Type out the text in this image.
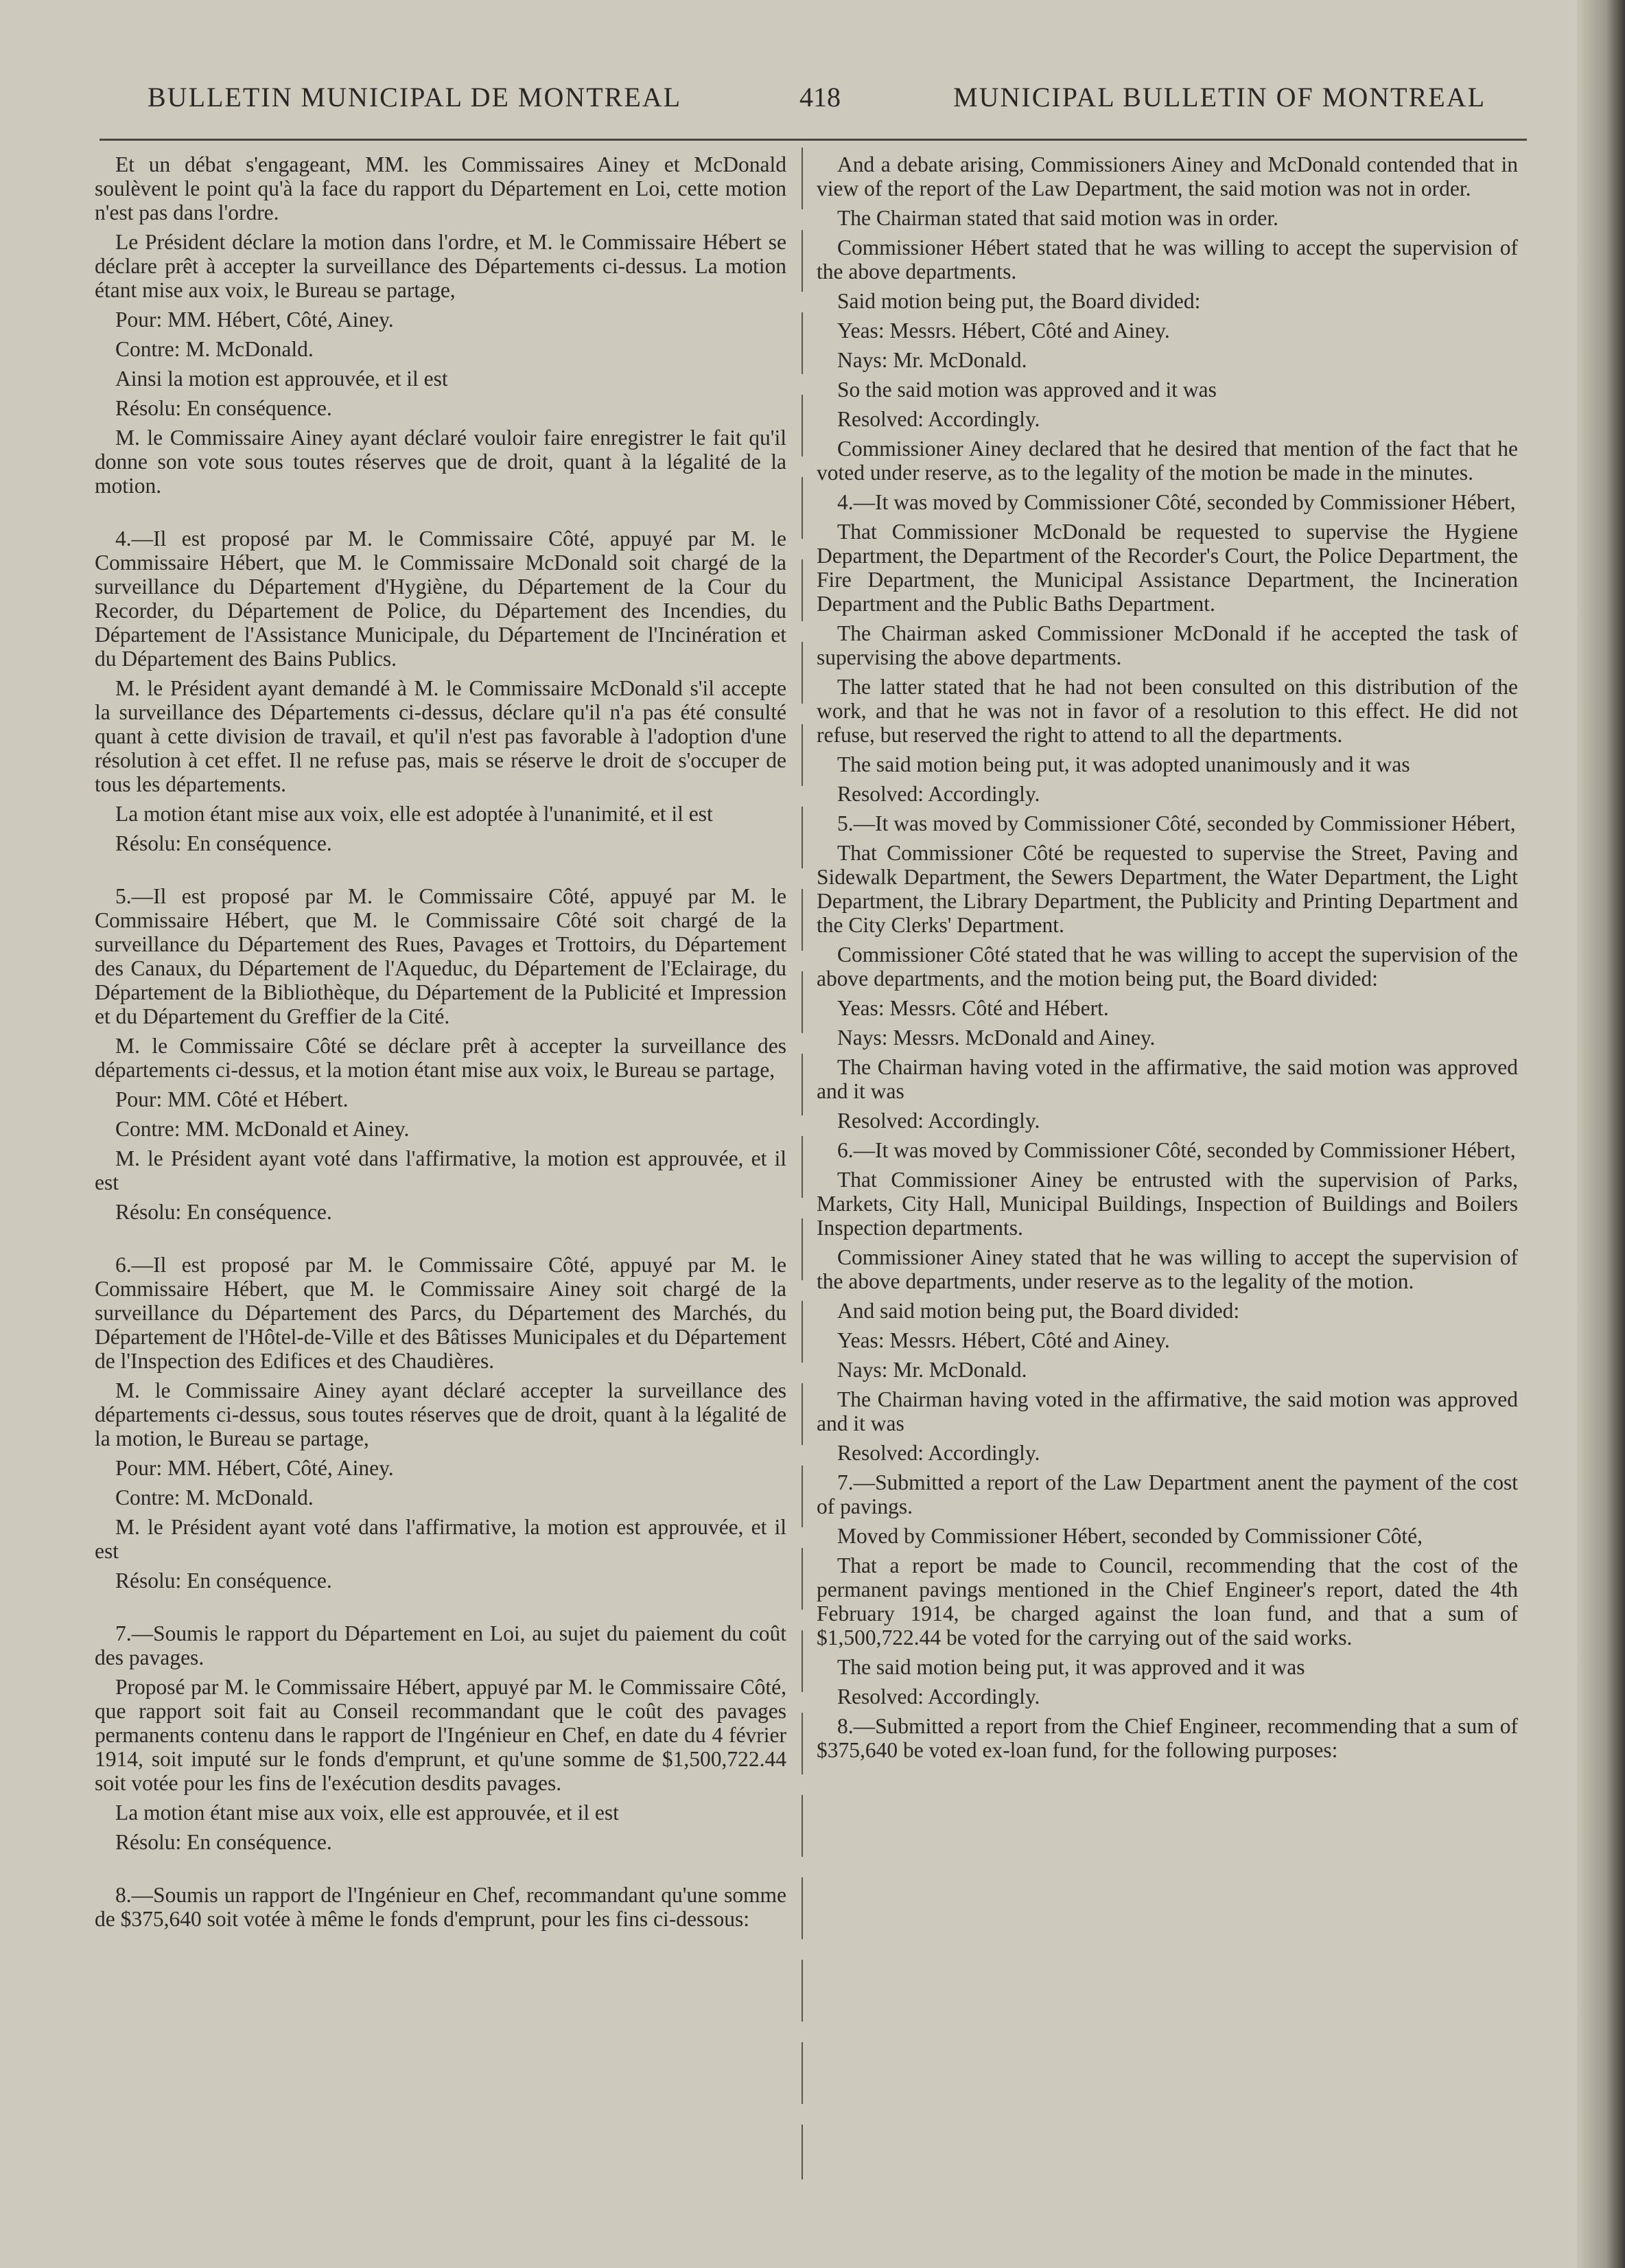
BULLETIN MUNICIPAL DE MONTREAL	418	MUNICIPAL BULLETIN OF MONTREAL

Et un débat s'engageant, MM. les Commissaires Ainey et McDonald soulèvent le point qu'à la face du rapport du Département en Loi, cette motion n'est pas dans l'ordre.

Le Président déclare la motion dans l'ordre, et M. le Commissaire Hébert se déclare prêt à accepter la surveillance des Départements ci-dessus. La motion étant mise aux voix, le Bureau se partage,

Pour: MM. Hébert, Côté, Ainey.

Contre: M. McDonald.

Ainsi la motion est approuvée, et il est

Résolu: En conséquence.

M. le Commissaire Ainey ayant déclaré vouloir faire enregistrer le fait qu'il donne son vote sous toutes réserves que de droit, quant à la légalité de la motion.

4.—Il est proposé par M. le Commissaire Côté, appuyé par M. le Commissaire Hébert, que M. le Commissaire McDonald soit chargé de la surveillance du Département d'Hygiène, du Département de la Cour du Recorder, du Département de Police, du Département des Incendies, du Département de l'Assistance Municipale, du Département de l'Incinération et du Département des Bains Publics.

M. le Président ayant demandé à M. le Commissaire McDonald s'il accepte la surveillance des Départements ci-dessus, déclare qu'il n'a pas été consulté quant à cette division de travail, et qu'il n'est pas favorable à l'adoption d'une résolution à cet effet. Il ne refuse pas, mais se réserve le droit de s'occuper de tous les départements.

La motion étant mise aux voix, elle est adoptée à l'unanimité, et il est

Résolu: En conséquence.

5.—Il est proposé par M. le Commissaire Côté, appuyé par M. le Commissaire Hébert, que M. le Commissaire Côté soit chargé de la surveillance du Département des Rues, Pavages et Trottoirs, du Département des Canaux, du Département de l'Aqueduc, du Département de l'Eclairage, du Département de la Bibliothèque, du Département de la Publicité et Impression et du Département du Greffier de la Cité.

M. le Commissaire Côté se déclare prêt à accepter la surveillance des départements ci-dessus, et la motion étant mise aux voix, le Bureau se partage,

Pour: MM. Côté et Hébert.

Contre: MM. McDonald et Ainey.

M. le Président ayant voté dans l'affirmative, la motion est approuvée, et il est

Résolu: En conséquence.

6.—Il est proposé par M. le Commissaire Côté, appuyé par M. le Commissaire Hébert, que M. le Commissaire Ainey soit chargé de la surveillance du Département des Parcs, du Département des Marchés, du Département de l'Hôtel-de-Ville et des Bâtisses Municipales et du Département de l'Inspection des Edifices et des Chaudières.

M. le Commissaire Ainey ayant déclaré accepter la surveillance des départements ci-dessus, sous toutes réserves que de droit, quant à la légalité de la motion, le Bureau se partage,

Pour: MM. Hébert, Côté, Ainey.

Contre: M. McDonald.

M. le Président ayant voté dans l'affirmative, la motion est approuvée, et il est

Résolu: En conséquence.

7.—Soumis le rapport du Département en Loi, au sujet du paiement du coût des pavages.

Proposé par M. le Commissaire Hébert, appuyé par M. le Commissaire Côté, que rapport soit fait au Conseil recommandant que le coût des pavages permanents contenu dans le rapport de l'Ingénieur en Chef, en date du 4 février 1914, soit imputé sur le fonds d'emprunt, et qu'une somme de $1,500,722.44 soit votée pour les fins de l'exécution desdits pavages.

La motion étant mise aux voix, elle est approuvée, et il est

Résolu: En conséquence.

8.—Soumis un rapport de l'Ingénieur en Chef, recommandant qu'une somme de $375,640 soit votée à même le fonds d'emprunt, pour les fins ci-dessous:

And a debate arising, Commissioners Ainey and McDonald contended that in view of the report of the Law Department, the said motion was not in order.

The Chairman stated that said motion was in order.

Commissioner Hébert stated that he was willing to accept the supervision of the above departments.

Said motion being put, the Board divided:

Yeas: Messrs. Hébert, Côté and Ainey.

Nays: Mr. McDonald.

So the said motion was approved and it was

Resolved: Accordingly.

Commissioner Ainey declared that he desired that mention of the fact that he voted under reserve, as to the legality of the motion be made in the minutes.

4.—It was moved by Commissioner Côté, seconded by Commissioner Hébert,

That Commissioner McDonald be requested to supervise the Hygiene Department, the Department of the Recorder's Court, the Police Department, the Fire Department, the Municipal Assistance Department, the Incineration Department and the Public Baths Department.

The Chairman asked Commissioner McDonald if he accepted the task of supervising the above departments.

The latter stated that he had not been consulted on this distribution of the work, and that he was not in favor of a resolution to this effect. He did not refuse, but reserved the right to attend to all the departments.

The said motion being put, it was adopted unanimously and it was

Resolved: Accordingly.

5.—It was moved by Commissioner Côté, seconded by Commissioner Hébert,

That Commissioner Côté be requested to supervise the Street, Paving and Sidewalk Department, the Sewers Department, the Water Department, the Light Department, the Library Department, the Publicity and Printing Department and the City Clerks' Department.

Commissioner Côté stated that he was willing to accept the supervision of the above departments, and the motion being put, the Board divided:

Yeas: Messrs. Côté and Hébert.

Nays: Messrs. McDonald and Ainey.

The Chairman having voted in the affirmative, the said motion was approved and it was

Resolved: Accordingly.

6.—It was moved by Commissioner Côté, seconded by Commissioner Hébert,

That Commissioner Ainey be entrusted with the supervision of Parks, Markets, City Hall, Municipal Buildings, Inspection of Buildings and Boilers Inspection departments.

Commissioner Ainey stated that he was willing to accept the supervision of the above departments, under reserve as to the legality of the motion.

And said motion being put, the Board divided:

Yeas: Messrs. Hébert, Côté and Ainey.

Nays: Mr. McDonald.

The Chairman having voted in the affirmative, the said motion was approved and it was

Resolved: Accordingly.

7.—Submitted a report of the Law Department anent the payment of the cost of pavings.

Moved by Commissioner Hébert, seconded by Commissioner Côté,

That a report be made to Council, recommending that the cost of the permanent pavings mentioned in the Chief Engineer's report, dated the 4th February 1914, be charged against the loan fund, and that a sum of $1,500,722.44 be voted for the carrying out of the said works.

The said motion being put, it was approved and it was

Resolved: Accordingly.

8.—Submitted a report from the Chief Engineer, recommending that a sum of $375,640 be voted ex-loan fund, for the following purposes:
